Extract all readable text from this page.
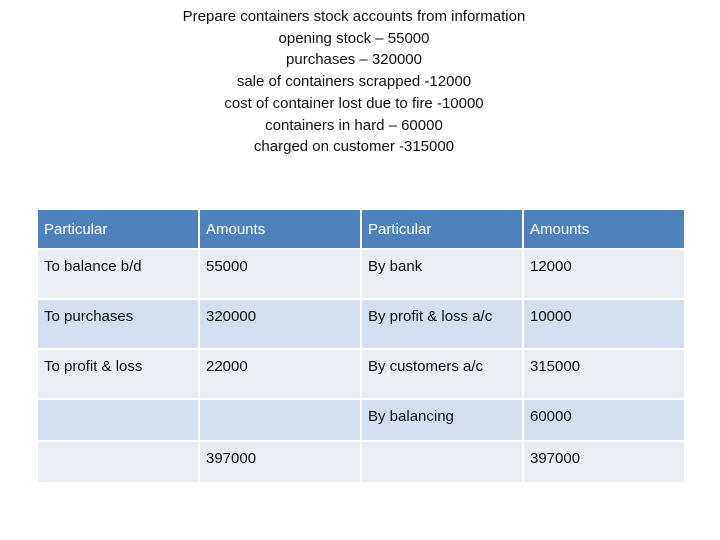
Prepare containers stock accounts from information
opening stock – 55000
purchases – 320000
sale of containers scrapped -12000
cost of container lost due to fire -10000
containers in hard – 60000
charged on customer -315000
Particular	Amounts	Particular	Amounts
To balance b/d	55000	By bank	12000
To purchases	320000	By profit & loss a/c	10000
To profit & loss	22000	By customers a/c	315000
		By balancing	60000
	397000		397000
